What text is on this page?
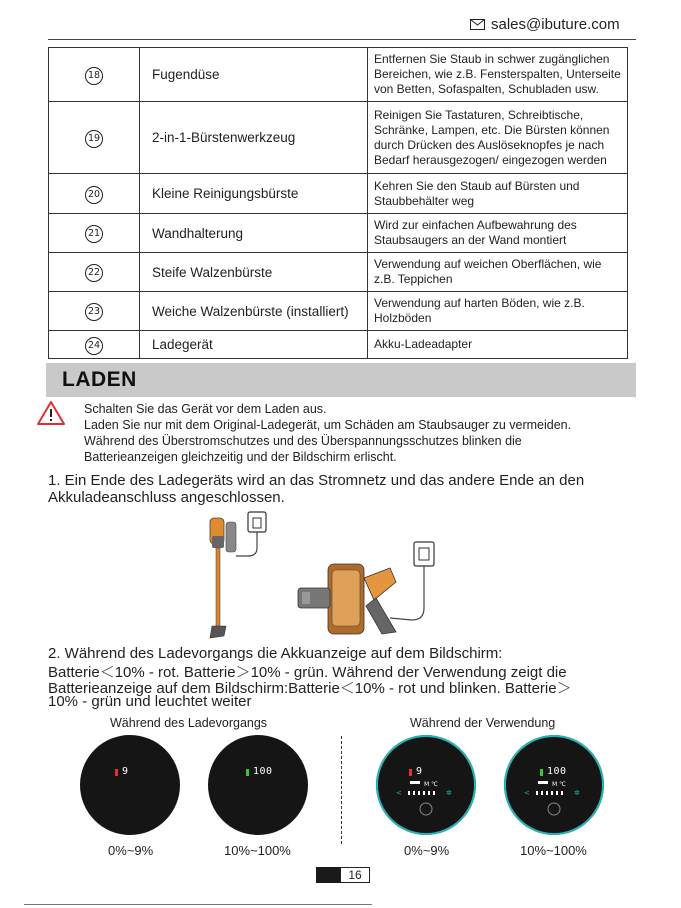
sales@ibuture.com
18	Fugendüse	Entfernen Sie Staub in schwer zugänglichen Bereichen, wie z.B. Fensterspalten, Unterseite von Betten, Sofaspalten, Schubladen usw.
19	2-in-1-Bürstenwerkzeug	Reinigen Sie Tastaturen, Schreibtische, Schränke, Lampen, etc. Die Bürsten können durch Drücken des Auslöseknopfes je nach Bedarf herausgezogen/ eingezogen werden
20	Kleine Reinigungsbürste	Kehren Sie den Staub auf Bürsten und Staubbehälter weg
21	Wandhalterung	Wird zur einfachen Aufbewahrung des Staubsaugers an der Wand montiert
22	Steife Walzenbürste	Verwendung auf weichen Oberflächen, wie z.B. Teppichen
23	Weiche Walzenbürste (installiert)	Verwendung auf harten Böden, wie z.B. Holzböden
24	Ladegerät	Akku-Ladeadapter
LADEN
Schalten Sie das Gerät vor dem Laden aus.
Laden Sie nur mit dem Original-Ladegerät, um Schäden am Staubsauger zu vermeiden.
Während des Überstromschutzes und des Überspannungsschutzes blinken die
Batterieanzeigen gleichzeitig und der Bildschirm erlischt.
1. Ein Ende des Ladegeräts wird an das Stromnetz und das andere Ende an den
Akkuladeanschluss angeschlossen.
2. Während des Ladevorgangs die Akkuanzeige auf dem Bildschirm:
Batterie＜10% - rot. Batterie＞10% - grün. Während der Verwendung zeigt die
Batterieanzeige auf dem Bildschirm:Batterie＜10% - rot und blinken. Batterie＞
10% - grün und leuchtet weiter
Während des Ladevorgangs	Während der Verwendung
9	100	9
M ℃
<	✲
100
M ℃
<	✲
0%~9%	10%~100%	0%~9%	10%~100%
16
